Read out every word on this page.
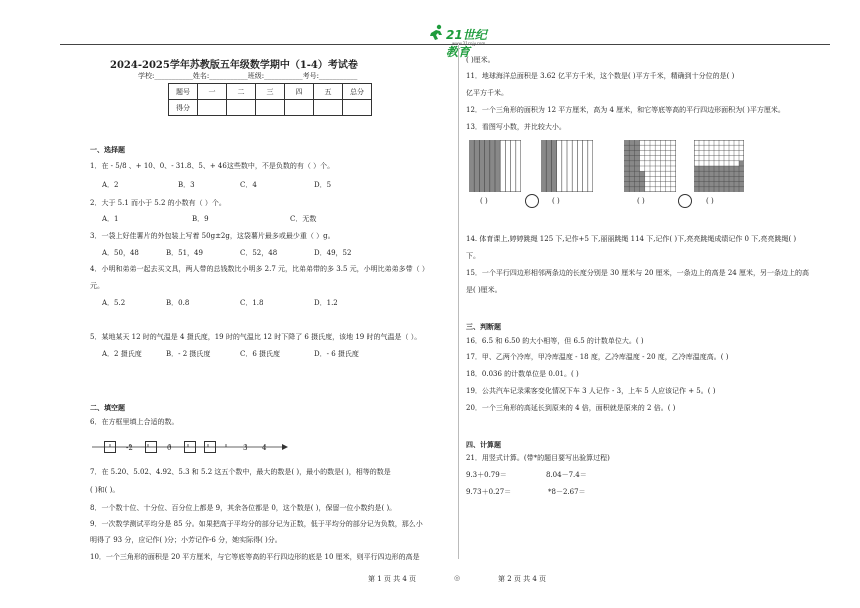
21世纪教育
www.21cnjy.com
2024-2025学年苏教版五年级数学期中（1-4）考试卷
学校:___________姓名:___________班级:___________考号:___________
题号	一	二	三	四	五	总分
得分						
一、选择题
1．在 - 5/8 、+ 10、0、- 31.8、5、+ 46这些数中，不是负数的有（ ）个。
A．2	B．3	C．4	D．5
2．大于 5.1 而小于 5.2 的小数有（ ）个。
A．1	B．9	C．无数
3．一袋上好佳薯片的外包装上写着 50g±2g，这袋薯片最多或最少重（ ）g。
A．50，48	B．51，49	C．52，48	D．49，52
4．小明和弟弟一起去买文具，两人带的总钱数比小明多 2.7 元，比弟弟带的多 3.5 元，小明比弟弟多带（ ）
元。
A．5.2	B．0.8	C．1.8	D．1.2
5．某地某天 12 时的气温是 4 摄氏度，19 时的气温比 12 时下降了 6 摄氏度，该地 19 时的气温是（ ）。
A．2 摄氏度	B．- 2 摄氏度	C．6 摄氏度	D．- 6 摄氏度
二、填空题
6．在方框里填上合适的数。
-2	0	3 4
7．在 5.20、5.02、4.92、5.3 和 5.2 这五个数中，最大的数是( )，最小的数是( )，相等的数是
( )和( )。
8．一个数十位、十分位、百分位上都是 9，其余各位都是 0，这个数是( )，保留一位小数约是( )。
9．一次数学测试平均分是 85 分。如果把高于平均分的部分记为正数，低于平均分的部分记为负数，那么小
明得了 93 分，应记作( )分；小芳记作-6 分，她实际得( )分。
10．一个三角形的面积是 20 平方厘米，与它等底等高的平行四边形的底是 10 厘米，则平行四边形的高是
( )厘米。
11．地球海洋总面积是 3.62 亿平方千米，这个数是( )平方千米，精确到十分位的是( )
亿平方千米。
12．一个三角形的面积为 12 平方厘米，高为 4 厘米，和它等底等高的平行四边形面积为( )平方厘米。
13．看图写小数，并比较大小。
( )	( )	( )	( )
14. 体育课上,婷婷跳绳 125 下,记作+5 下,丽丽跳绳 114 下,记作( )下,亮亮跳绳成绩记作 0 下,亮亮跳绳( )
下。
15．一个平行四边形相邻两条边的长度分别是 30 厘米与 20 厘米，一条边上的高是 24 厘米，另一条边上的高
是( )厘米。
三、判断题
16．6.5 和 6.50 的大小相等，但 6.5 的计数单位大。( )
17．甲、乙两个冷库，甲冷库温度 - 18 度，乙冷库温度 - 20 度，乙冷库温度高。( )
18．0.036 的计数单位是 0.01。( )
19．公共汽车记录乘客变化情况下车 3 人记作 - 3，上车 5 人应该记作 + 5。( )
20．一个三角形的高延长到原来的 4 倍，面积就是原来的 2 倍。( )
四、计算题
21．用竖式计算。(带*的题目要写出验算过程)
9.3＋0.79＝	8.04－7.4＝
9.73＋0.27＝	*8－2.67＝
第 1 页 共 4 页	◎	第 2 页 共 4 页
